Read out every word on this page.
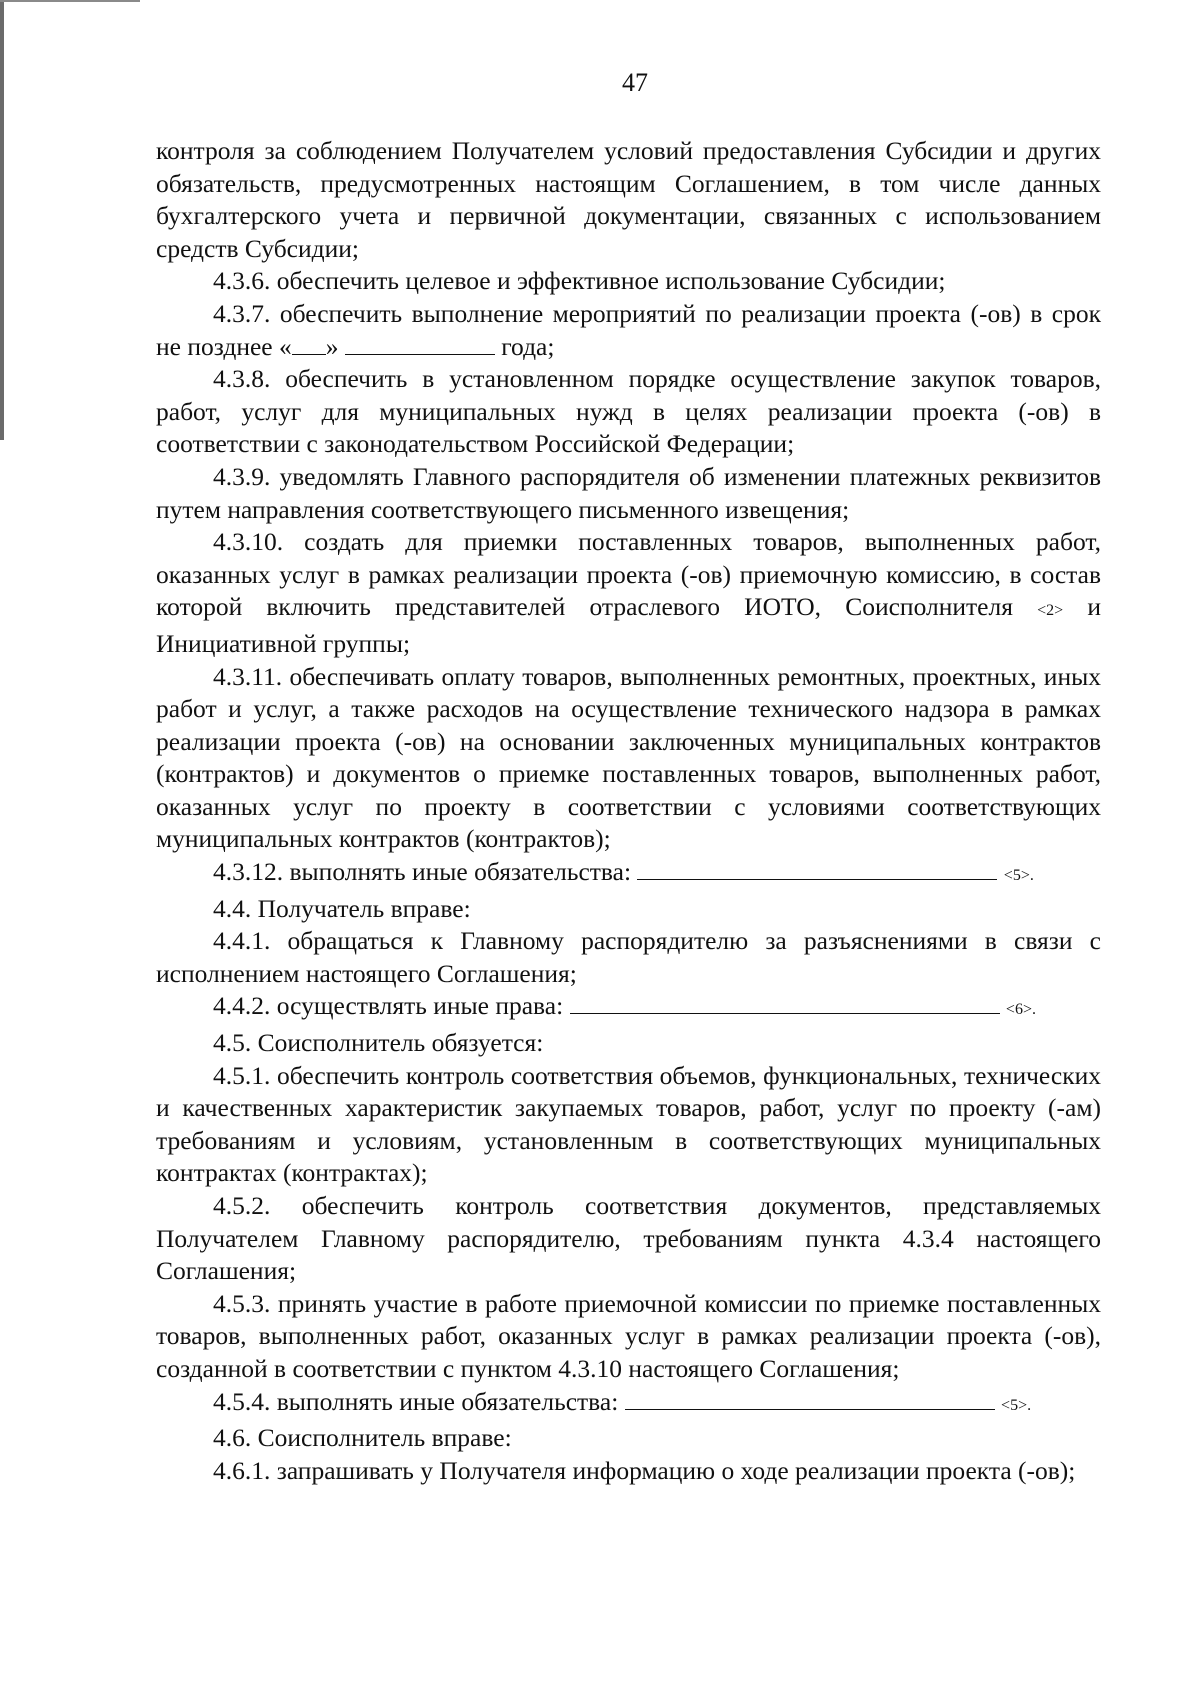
47

контроля за соблюдением Получателем условий предоставления Субсидии и других обязательств, предусмотренных настоящим Соглашением, в том числе данных бухгалтерского учета и первичной документации, связанных с использованием средств Субсидии;

4.3.6. обеспечить целевое и эффективное использование Субсидии;

4.3.7. обеспечить выполнение мероприятий по реализации проекта (-ов) в срок не позднее « »	года;

4.3.8. обеспечить в установленном порядке осуществление закупок товаров, работ, услуг для муниципальных нужд в целях реализации проекта (-ов) в соответствии с законодательством Российской Федерации;

4.3.9. уведомлять Главного распорядителя об изменении платежных реквизитов путем направления соответствующего письменного извещения;

4.3.10. создать для приемки поставленных товаров, выполненных работ, оказанных услуг в рамках реализации проекта (-ов) приемочную комиссию, в состав которой включить представителей отраслевого ИОТО, Соисполнителя <2> и Инициативной группы;

4.3.11. обеспечивать оплату товаров, выполненных ремонтных, проектных, иных работ и услуг, а также расходов на осуществление технического надзора в рамках реализации проекта (-ов) на основании заключенных муниципальных контрактов (контрактов) и документов о приемке поставленных товаров, выполненных работ, оказанных услуг по проекту в соответствии с условиями соответствующих муниципальных контрактов (контрактов);

4.3.12. выполнять иные обязательства:	<5>.

4.4. Получатель вправе:

4.4.1. обращаться к Главному распорядителю за разъяснениями в связи с исполнением настоящего Соглашения;

4.4.2. осуществлять иные права:	<6>.

4.5. Соисполнитель обязуется:

4.5.1. обеспечить контроль соответствия объемов, функциональных, технических и качественных характеристик закупаемых товаров, работ, услуг по проекту (-ам) требованиям и условиям, установленным в соответствующих муниципальных контрактах (контрактах);

4.5.2. обеспечить контроль соответствия документов, представляемых Получателем Главному распорядителю, требованиям пункта 4.3.4 настоящего Соглашения;

4.5.3. принять участие в работе приемочной комиссии по приемке поставленных товаров, выполненных работ, оказанных услуг в рамках реализации проекта (-ов), созданной в соответствии с пунктом 4.3.10 настоящего Соглашения;

4.5.4. выполнять иные обязательства:	<5>.

4.6. Соисполнитель вправе:

4.6.1. запрашивать у Получателя информацию о ходе реализации проекта (-ов);
